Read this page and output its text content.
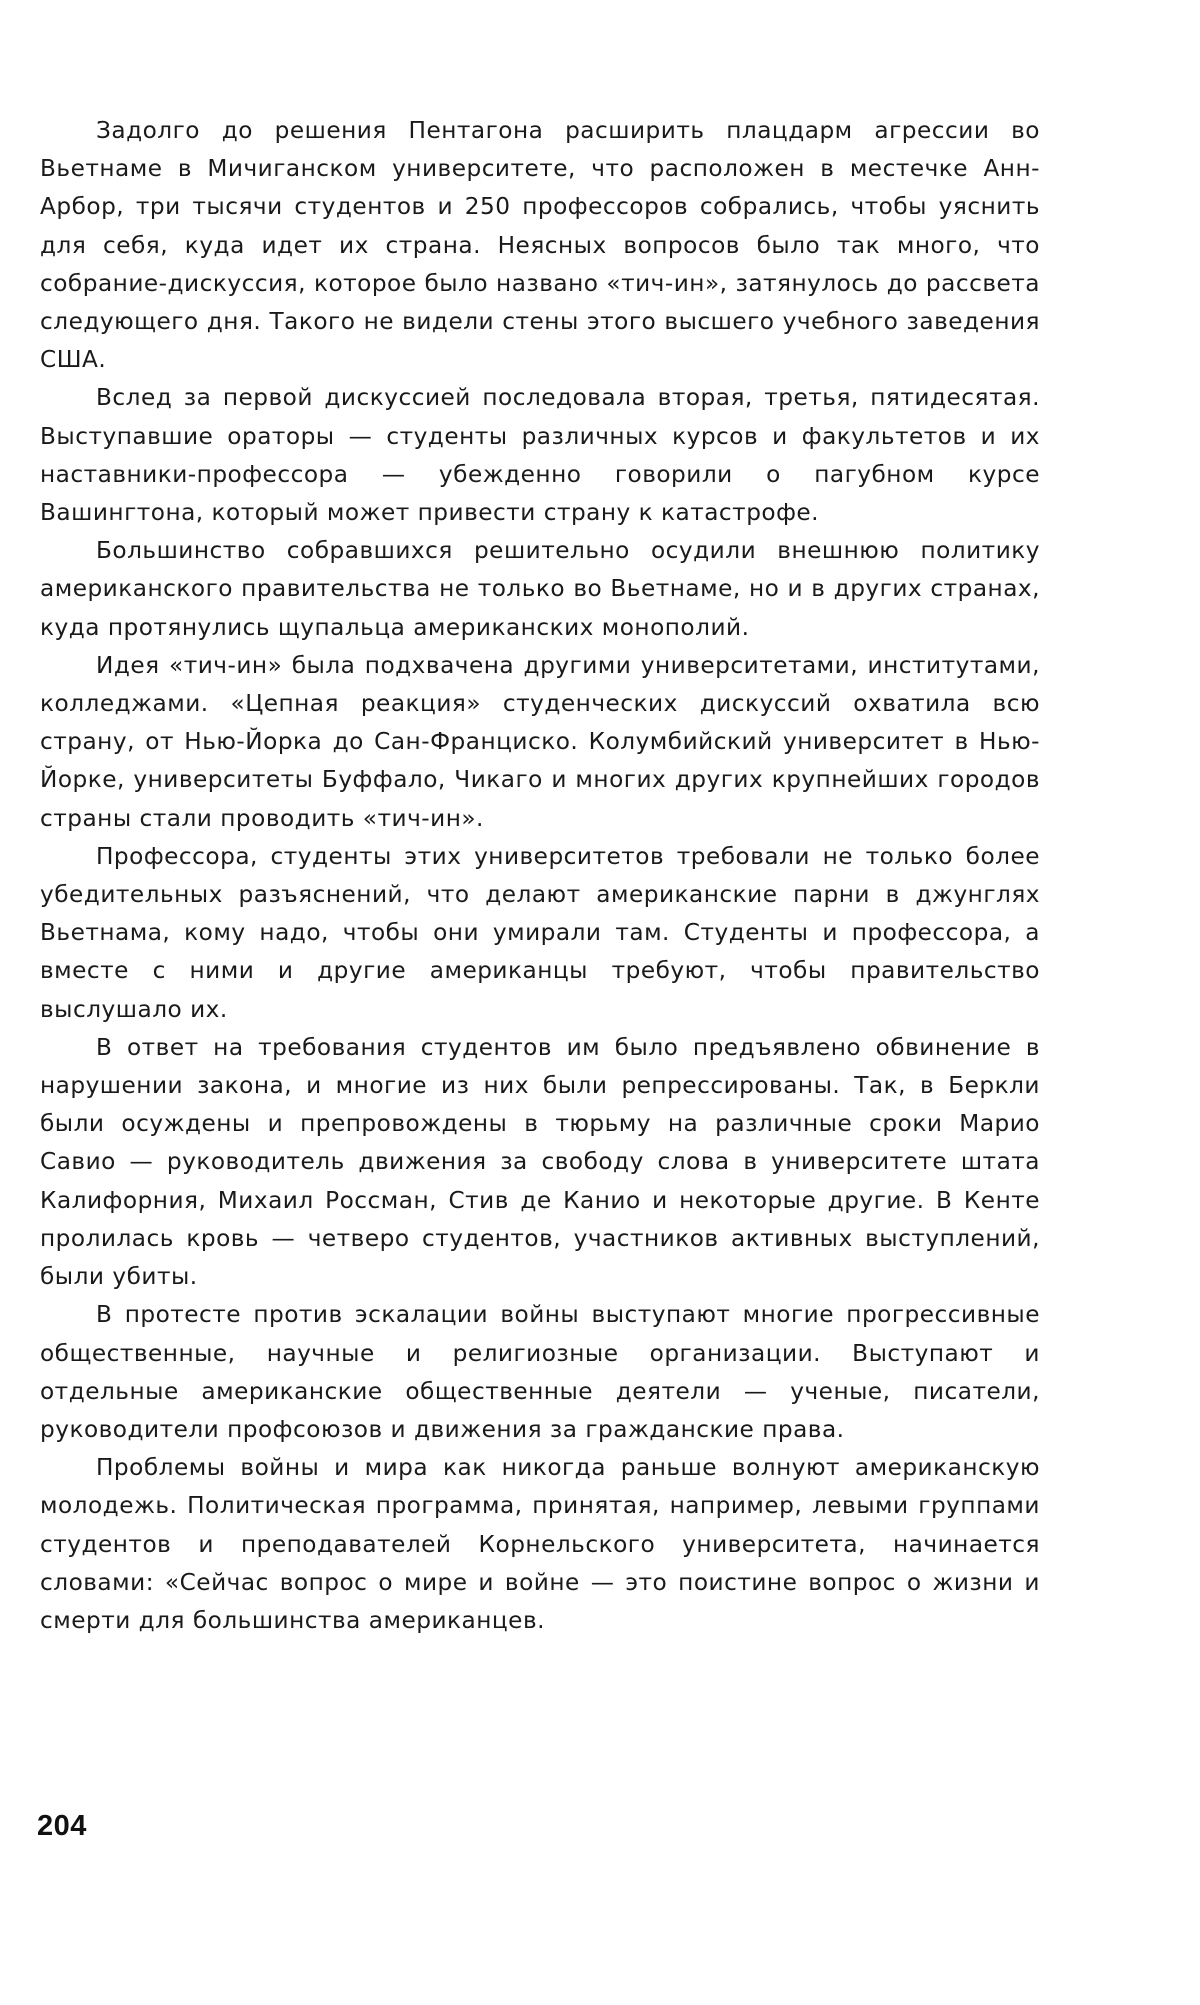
Задолго до решения Пентагона расширить плацдарм агрессии во Вьетнаме в Мичиганском университете, что расположен в местечке Анн-Арбор, три тысячи студентов и 250 профессоров собрались, чтобы уяснить для себя, куда идет их страна. Неясных вопросов было так много, что собрание-дискуссия, которое было названо «тич-ин», затянулось до рассвета следующего дня. Такого не видели стены этого высшего учебного заведения США.

Вслед за первой дискуссией последовала вторая, третья, пятидесятая. Выступавшие ораторы — студенты различных курсов и факультетов и их наставники-профессора — убежденно говорили о пагубном курсе Вашингтона, который может привести страну к катастрофе.

Большинство собравшихся решительно осудили внешнюю политику американского правительства не только во Вьетнаме, но и в других странах, куда протянулись щупальца американских монополий.

Идея «тич-ин» была подхвачена другими университетами, институтами, колледжами. «Цепная реакция» студенческих дискуссий охватила всю страну, от Нью-Йорка до Сан-Франциско. Колумбийский университет в Нью-Йорке, университеты Буффало, Чикаго и многих других крупнейших городов страны стали проводить «тич-ин».

Профессора, студенты этих университетов требовали не только более убедительных разъяснений, что делают американские парни в джунглях Вьетнама, кому надо, чтобы они умирали там. Студенты и профессора, а вместе с ними и другие американцы требуют, чтобы правительство выслушало их.

В ответ на требования студентов им было предъявлено обвинение в нарушении закона, и многие из них были репрессированы. Так, в Беркли были осуждены и препровождены в тюрьму на различные сроки Марио Савио — руководитель движения за свободу слова в университете штата Калифорния, Михаил Россман, Стив де Канио и некоторые другие. В Кенте пролилась кровь — четверо студентов, участников активных выступлений, были убиты.

В протесте против эскалации войны выступают многие прогрессивные общественные, научные и религиозные организации. Выступают и отдельные американские общественные деятели — ученые, писатели, руководители профсоюзов и движения за гражданские права.

Проблемы войны и мира как никогда раньше волнуют американскую молодежь. Политическая программа, принятая, например, левыми группами студентов и преподавателей Корнельского университета, начинается словами: «Сейчас вопрос о мире и войне — это поистине вопрос о жизни и смерти для большинства американцев.

204
